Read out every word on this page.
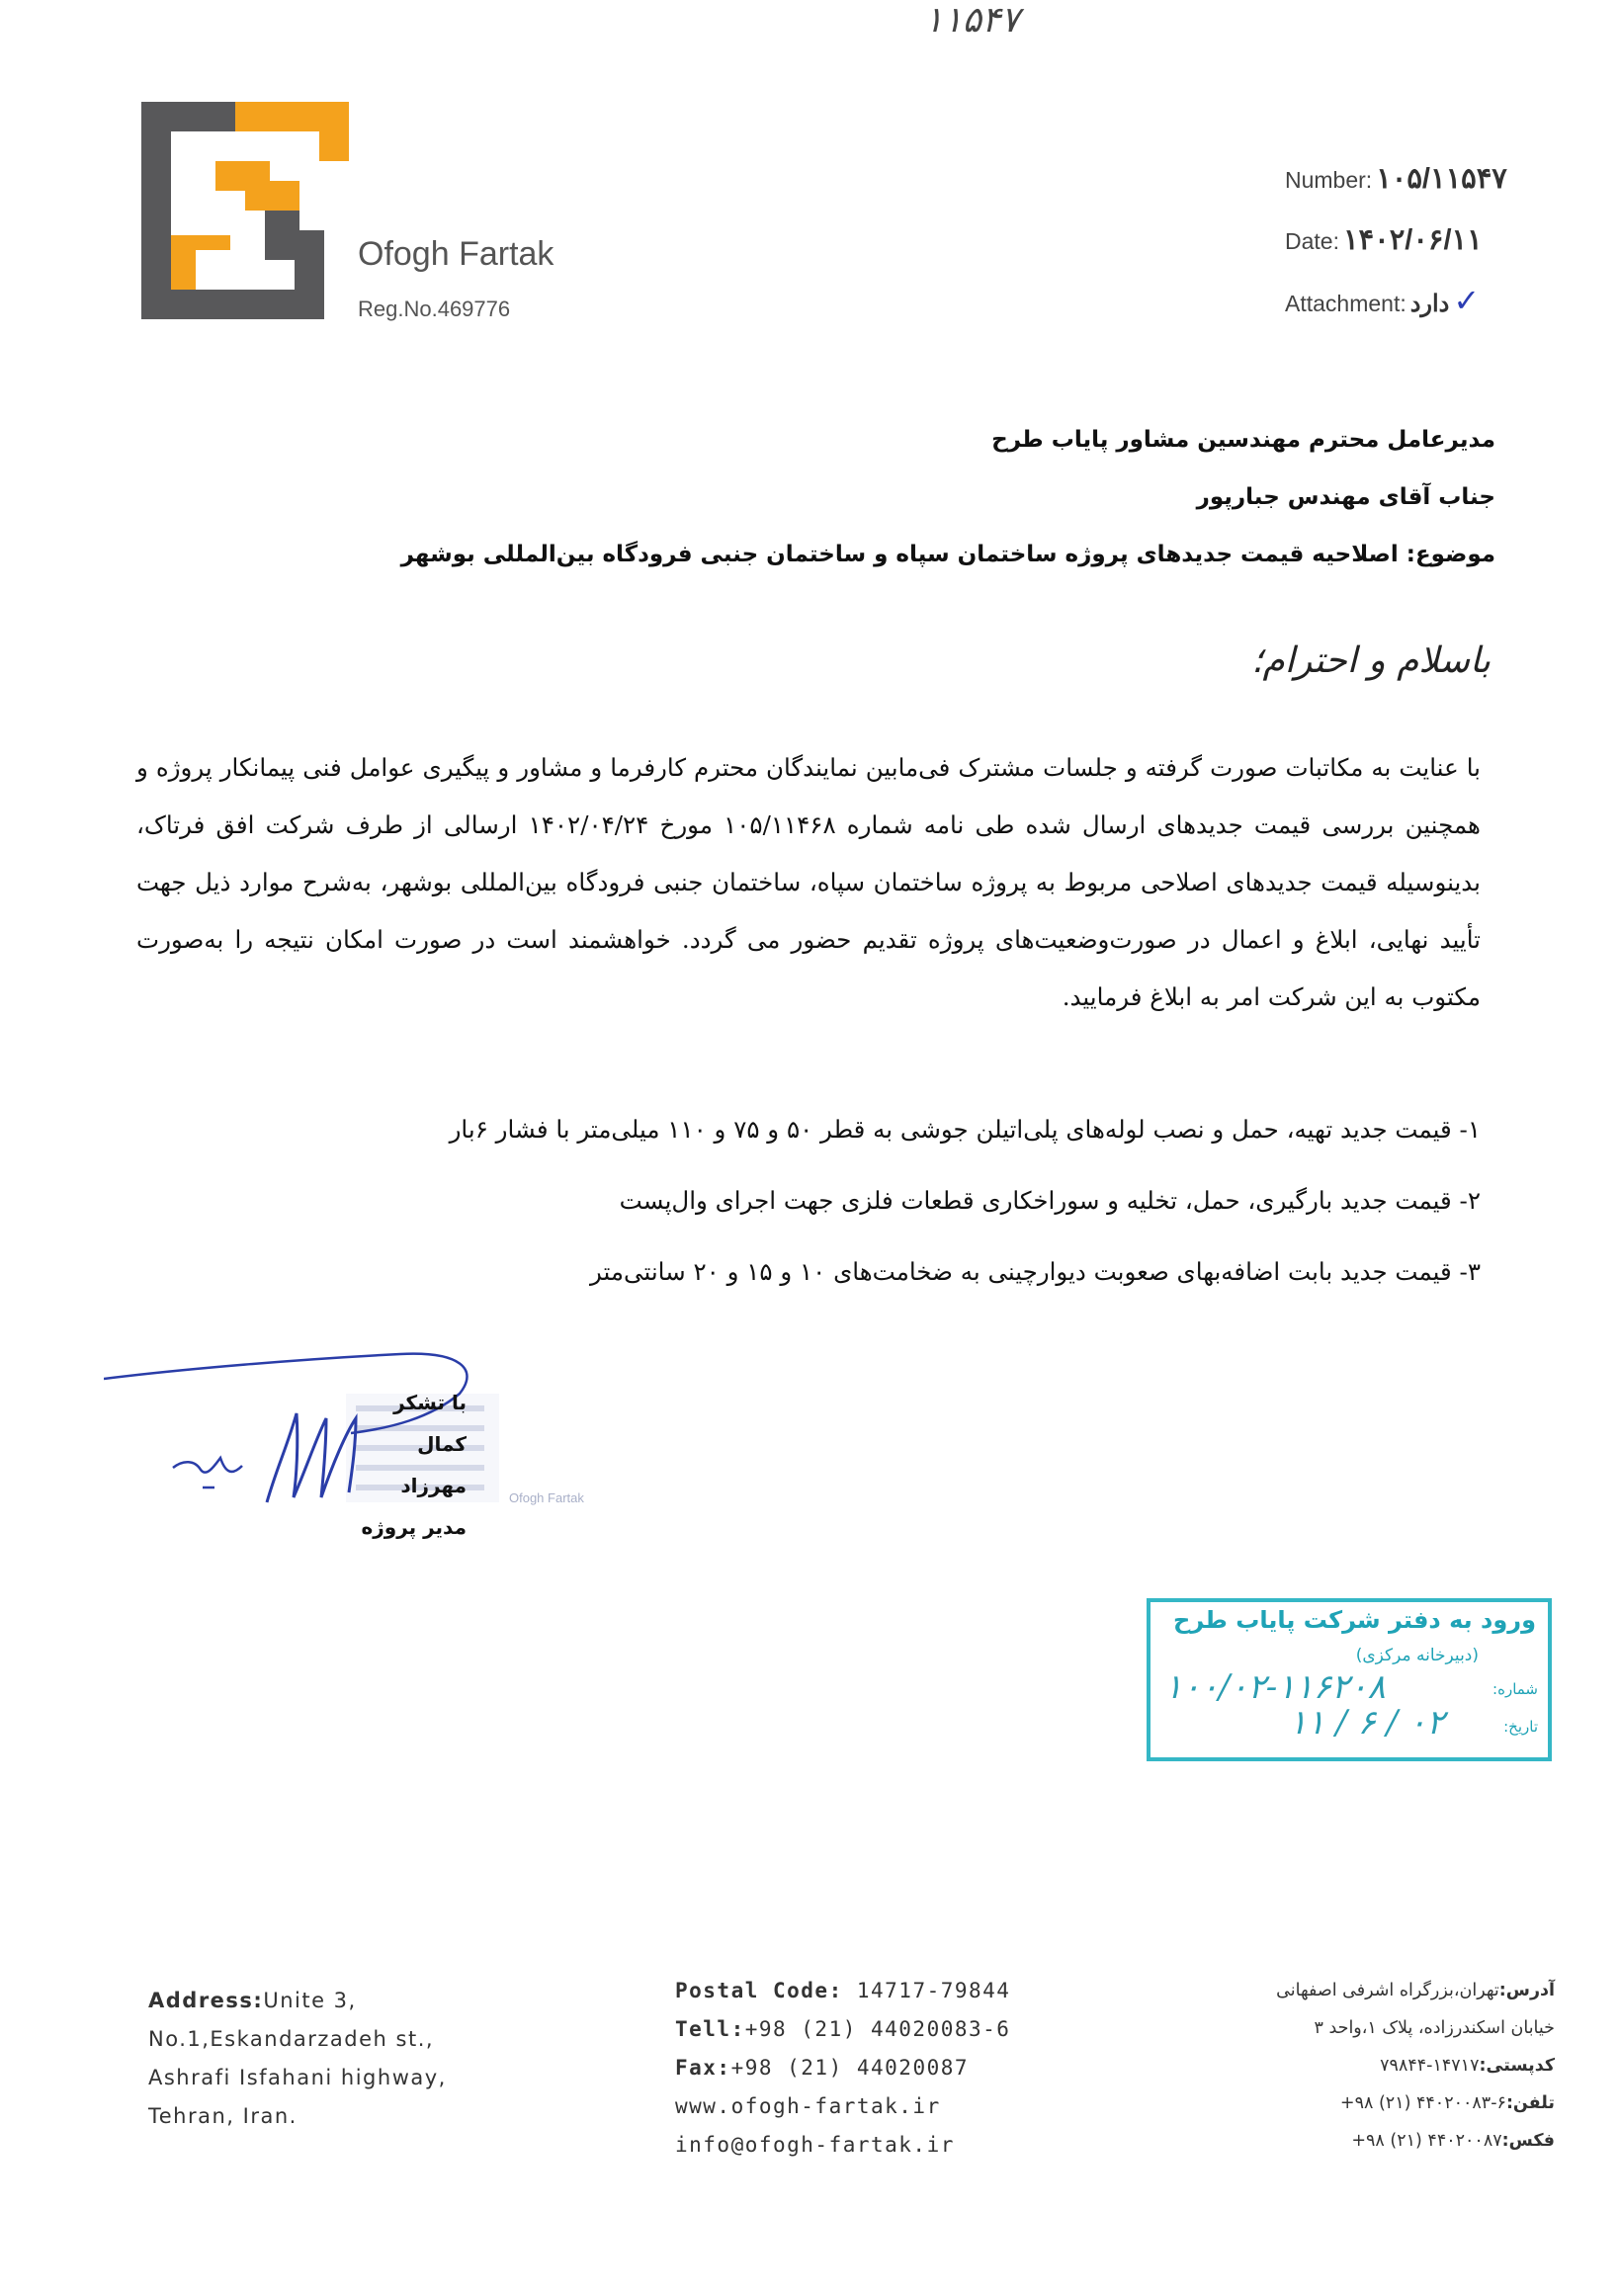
۱۱۵۴۷
Ofogh Fartak
Reg.No.469776
Number: ۱۰۵/۱۱۵۴۷
Date: ۱۴۰۲/۰۶/۱۱
Attachment: دارد ✓
مدیرعامل محترم مهندسین مشاور پایاب طرح
جناب آقای مهندس جبارپور
موضوع: اصلاحیه قیمت جدیدهای پروژه ساختمان سپاه و ساختمان جنبی فرودگاه بین‌المللی بوشهر
باسلام و احترام؛
با عنایت به مکاتبات صورت گرفته و جلسات مشترک فی‌مابین نمایندگان محترم کارفرما و مشاور و پیگیری عوامل فنی پیمانکار پروژه و همچنین بررسی قیمت جدیدهای ارسال شده طی نامه شماره ۱۰۵/۱۱۴۶۸ مورخ ۱۴۰۲/۰۴/۲۴ ارسالی از طرف شرکت افق فرتاک، بدینوسیله قیمت جدیدهای اصلاحی مربوط به پروژه ساختمان سپاه، ساختمان جنبی فرودگاه بین‌المللی بوشهر، به‌شرح موارد ذیل جهت تأیید نهایی، ابلاغ و اعمال در صورت‌وضعیت‌های پروژه تقدیم حضور می گردد. خواهشمند است در صورت امکان نتیجه را به‌صورت مکتوب به این شرکت امر به ابلاغ فرمایید.
۱- قیمت جدید تهیه، حمل و نصب لوله‌های پلی‌اتیلن جوشی به قطر ۵۰ و ۷۵ و ۱۱۰ میلی‌متر با فشار ۶بار
۲- قیمت جدید بارگیری، حمل، تخلیه و سوراخکاری قطعات فلزی جهت اجرای وال‌پست
۳- قیمت جدید بابت اضافه‌بهای صعوبت دیوارچینی به ضخامت‌های ۱۰ و ۱۵ و ۲۰ سانتی‌متر
Ofogh Fartak
با تشکر
کمال مهرزاد
مدیر پروژه
ورود به دفتر شرکت پایاب طرح
(دبیرخانه مرکزی)
شماره:
۱۰۰/۰۲-۱۱۶۲۰۸
تاریخ:
۱۱ / ۶ / ۰۲
Address:Unite 3,
No.1,Eskandarzadeh st.,
Ashrafi Isfahani highway,
Tehran, Iran.
Postal Code: 14717-79844
Tell:+98 (21) 44020083-6
Fax:+98 (21) 44020087
www.ofogh-fartak.ir
info@ofogh-fartak.ir
آدرس:تهران،بزرگراه اشرفی اصفهانی
خیابان اسکندرزاده، پلاک ۱،واحد ۳
کدپستی:۱۴۷۱۷-۷۹۸۴۴
تلفن:۶-۴۴۰۲۰۰۸۳ (۲۱) ۹۸+
فکس:۴۴۰۲۰۰۸۷ (۲۱) ۹۸+
